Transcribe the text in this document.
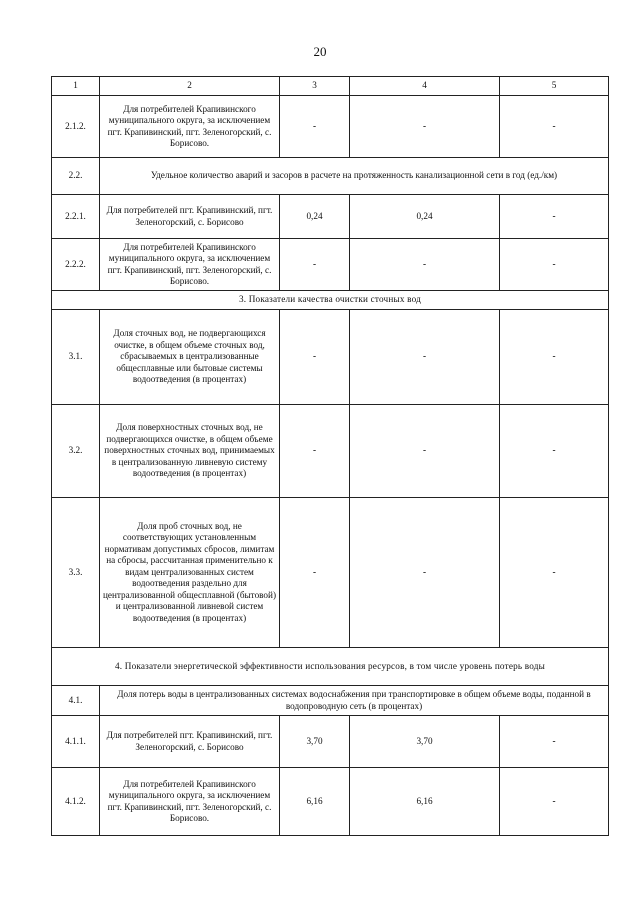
20
1	2	3	4	5
2.1.2.	Для потребителей Крапивинского муниципального округа, за исключением пгт. Крапивинский, пгт. Зеленогорский, с. Борисово.	-	-	-
2.2.	Удельное количество аварий и засоров в расчете на протяженность канализационной сети в год (ед./км)			
2.2.1.	Для потребителей пгт. Крапивинский, пгт. Зеленогорский, с. Борисово	0,24	0,24	-
2.2.2.	Для потребителей Крапивинского муниципального округа, за исключением пгт. Крапивинский, пгт. Зеленогорский, с. Борисово.	-	-	-
3. Показатели качества очистки сточных вод				
3.1.	Доля сточных вод, не подвергающихся очистке, в общем объеме сточных вод, сбрасываемых в централизованные общесплавные или бытовые системы водоотведения (в процентах)	-	-	-
3.2.	Доля поверхностных сточных вод, не подвергающихся очистке, в общем объеме поверхностных сточных вод, принимаемых в централизованную ливневую систему водоотведения (в процентах)	-	-	-
3.3.	Доля проб сточных вод, не соответствующих установленным нормативам допустимых сбросов, лимитам на сбросы, рассчитанная применительно к видам централизованных систем водоотведения раздельно для централизованной общесплавной (бытовой) и централизованной ливневой систем водоотведения (в процентах)	-	-	-
4. Показатели энергетической эффективности использования ресурсов, в том числе уровень потерь воды				
4.1.	Доля потерь воды в централизованных системах водоснабжения при транспортировке в общем объеме воды, поданной в водопроводную сеть (в процентах)			
4.1.1.	Для потребителей пгт. Крапивинский, пгт. Зеленогорский, с. Борисово	3,70	3,70	-
4.1.2.	Для потребителей Крапивинского муниципального округа, за исключением пгт. Крапивинский, пгт. Зеленогорский, с. Борисово.	6,16	6,16	-
